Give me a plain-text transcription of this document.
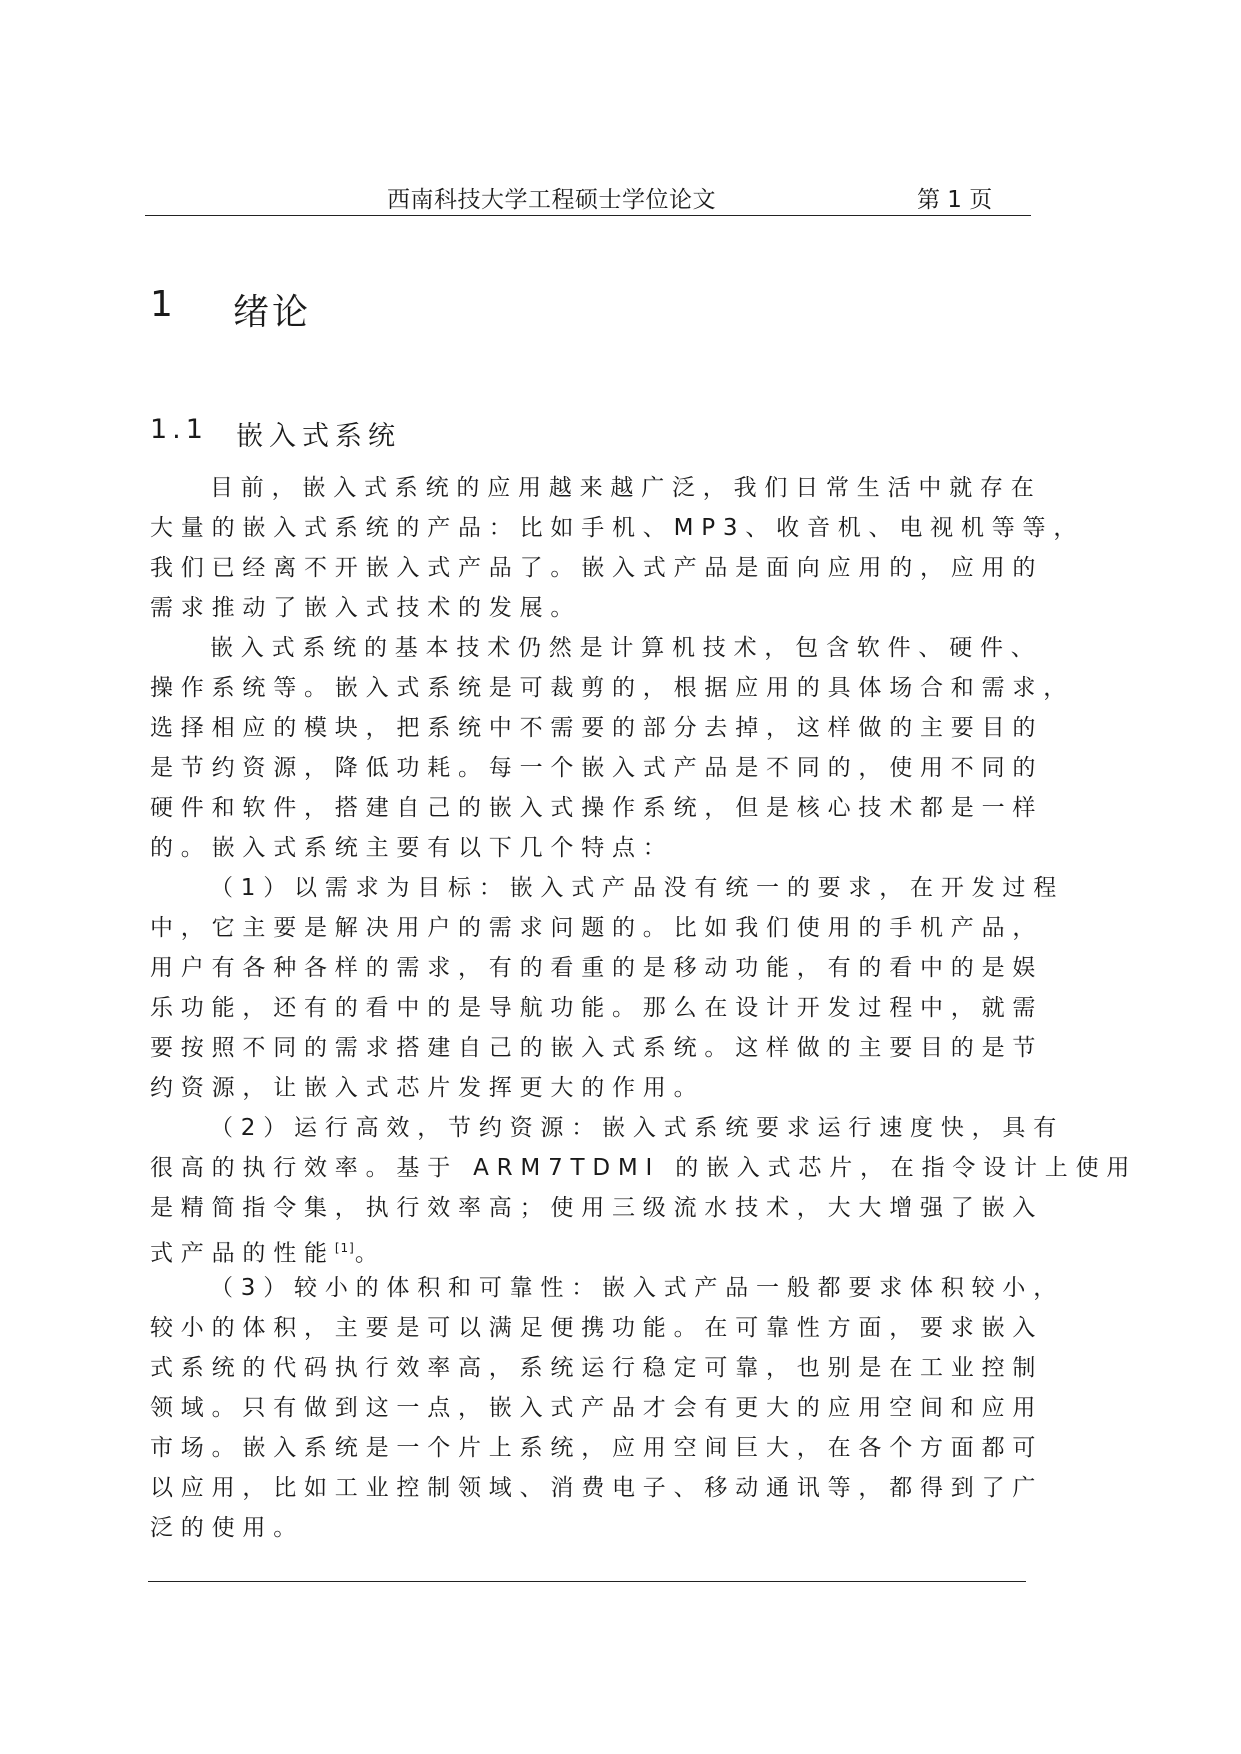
西南科技大学工程硕士学位论文	第 1 页
1 绪论
1.1 嵌入式系统
目前，嵌入式系统的应用越来越广泛，我们日常生活中就存在
大量的嵌入式系统的产品：比如手机、MP3、收音机、电视机等等，
我们已经离不开嵌入式产品了。嵌入式产品是面向应用的，应用的
需求推动了嵌入式技术的发展。
嵌入式系统的基本技术仍然是计算机技术，包含软件、硬件、
操作系统等。嵌入式系统是可裁剪的，根据应用的具体场合和需求，
选择相应的模块，把系统中不需要的部分去掉，这样做的主要目的
是节约资源，降低功耗。每一个嵌入式产品是不同的，使用不同的
硬件和软件，搭建自己的嵌入式操作系统，但是核心技术都是一样
的。嵌入式系统主要有以下几个特点：
（1）以需求为目标：嵌入式产品没有统一的要求，在开发过程
中，它主要是解决用户的需求问题的。比如我们使用的手机产品，
用户有各种各样的需求，有的看重的是移动功能，有的看中的是娱
乐功能，还有的看中的是导航功能。那么在设计开发过程中，就需
要按照不同的需求搭建自己的嵌入式系统。这样做的主要目的是节
约资源，让嵌入式芯片发挥更大的作用。
（2）运行高效，节约资源：嵌入式系统要求运行速度快，具有
很高的执行效率。基于 ARM7TDMI 的嵌入式芯片，在指令设计上使用
是精简指令集，执行效率高；使用三级流水技术，大大增强了嵌入
式产品的性能[1]。
（3）较小的体积和可靠性：嵌入式产品一般都要求体积较小，
较小的体积，主要是可以满足便携功能。在可靠性方面，要求嵌入
式系统的代码执行效率高，系统运行稳定可靠，也别是在工业控制
领域。只有做到这一点，嵌入式产品才会有更大的应用空间和应用
市场。嵌入系统是一个片上系统，应用空间巨大，在各个方面都可
以应用，比如工业控制领域、消费电子、移动通讯等，都得到了广
泛的使用。
